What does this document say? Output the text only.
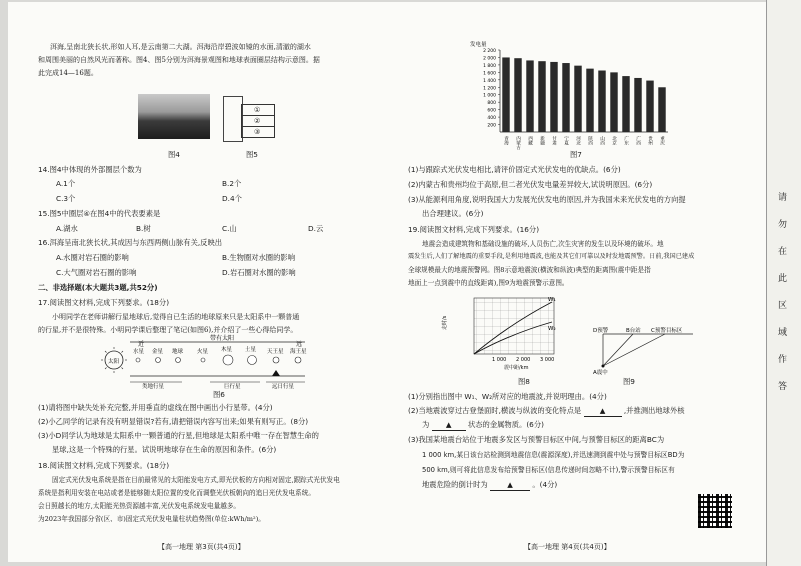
洱海,呈南北狭长状,形如人耳,是云南第二大湖。洱海沿岸碧波如镜的水面,清澈的湖水
和周围美丽的自然风光而著称。图4、图5分别为洱海景观图和地球表面圈层结构示意图。据
此完成14—16题。
图4
①
②
③
图5
14.图4中体现的外部圈层个数为
A.1个	B.2个
C.3个	D.4个
15.图5中圈层④在图4中的代表要素是
A.湖水	B.树	C.山	D.云
16.洱海呈南北狭长状,其成因与东西两侧山脉有关,反映出
A.水圈对岩石圈的影响	B.生物圈对水圈的影响
C.大气圈对岩石圈的影响	D.岩石圈对水圈的影响
二、非选择题(本大题共3题,共52分)
17.阅读图文材料,完成下列要求。(18分)
小明同学在老师讲解行星地球后,觉得自已生活的地球原来只是太阳系中一颗普通
的行星,并不是很特殊。小明同学课后整理了笔记(如图6),并介绍了一些心得给同学。
近
带有太阳
远
太阳
水星 金星 地球	火星 木星 土星 天王星 海王星
类地行星	巨行星	远日行星
图6
(1)请将图中缺失处补充完整,并用垂直的虚线在图中画出小行星带。(4分)
(2)小乙同学的记录有没有明显错误?若有,请把错误内容写出来;如果有则写正。(8分)
(3)小D同学认为地球是太阳系中一颗普通的行星,但地球是太阳系中唯一存在智慧生命的
星球,这是一个特殊的行星。试说明地球存在生命的原因和条件。(6分)
18.阅读图文材料,完成下列要求。(18分)
固定式光伏发电系统是指在目前最常见的太阳能发电方式,即光伏板的方向相对固定,跟踪式光伏发电
系统是指利用安装在电站或者是能够随太阳位置的变化而调整光伏板朝向的追日光伏发电系统。
会日照越长的地方,太阳能光热资源越丰富,光伏发电系统发电量越多。
为2023年我国部分省(区、市)固定式光伏发电量柱状趋势图(单位:kWh/m²)。
【高一地理 第3页(共4页)】
发电量
2 200
2 000
1 800
1 600
1 400
1 200
1 000
800
600
400
200
青海 内蒙古 西藏 新疆 甘肃 宁夏 河北 陕西 山西 北京 广东 广西 贵州 重庆
图7
(1)与跟踪式光伏发电相比,请评价固定式光伏发电的优缺点。(6分)
(2)内蒙古和贵州均位于高原,但二者光伏发电量差异较大,试说明原因。(6分)
(3)从能源利用角度,说明我国大力发展光伏发电的原因,并为我国未来光伏发电的方向提
出合理建议。(6分)
19.阅读图文材料,完成下列要求。(16分)
地震会造成建筑物和基础设施的破坏,人员伤亡,次生灾害的发生以及环境的破坏。地
震发生后,人们了解地震的重要手段,是利用地震波,也能及其它们可靠以及时发地震预警。日前,我国已建成
全球规模最大的地震预警网。图8示意地震波(横波和纵波)典型的距离图(震中距是指
地面上一点到震中的直线距离),图9为地震预警示意图。
W₁
W₂
走时/s
1 000 2 000 3 000
震中距/km
图8
D预警	B台站 C预警目标区
A震中
图9
(1)分别指出图中 W₁、W₂所对应的地震波,并说明理由。(4分)
(2)当地震波穿过古登堡面时,横波与纵波的变化特点是	▲	,并推测出地球外核
为 ▲ 状态的金属物质。(6分)
(3)我国某地震台站位于地震多发区与预警目标区中间,与预警目标区的距离BC为
1 000 km,某日该台站检测到地震信息(震源深度),并迅速测到震中处与预警目标区BD为
500 km,则可将此信息发布给预警目标区(信息传递时间忽略不计),警示预警目标区有
地震危险的倒计时为	▲	。(4分)
【高一地理 第4页(共4页)】
请
勿
在
此
区
域
作
答
